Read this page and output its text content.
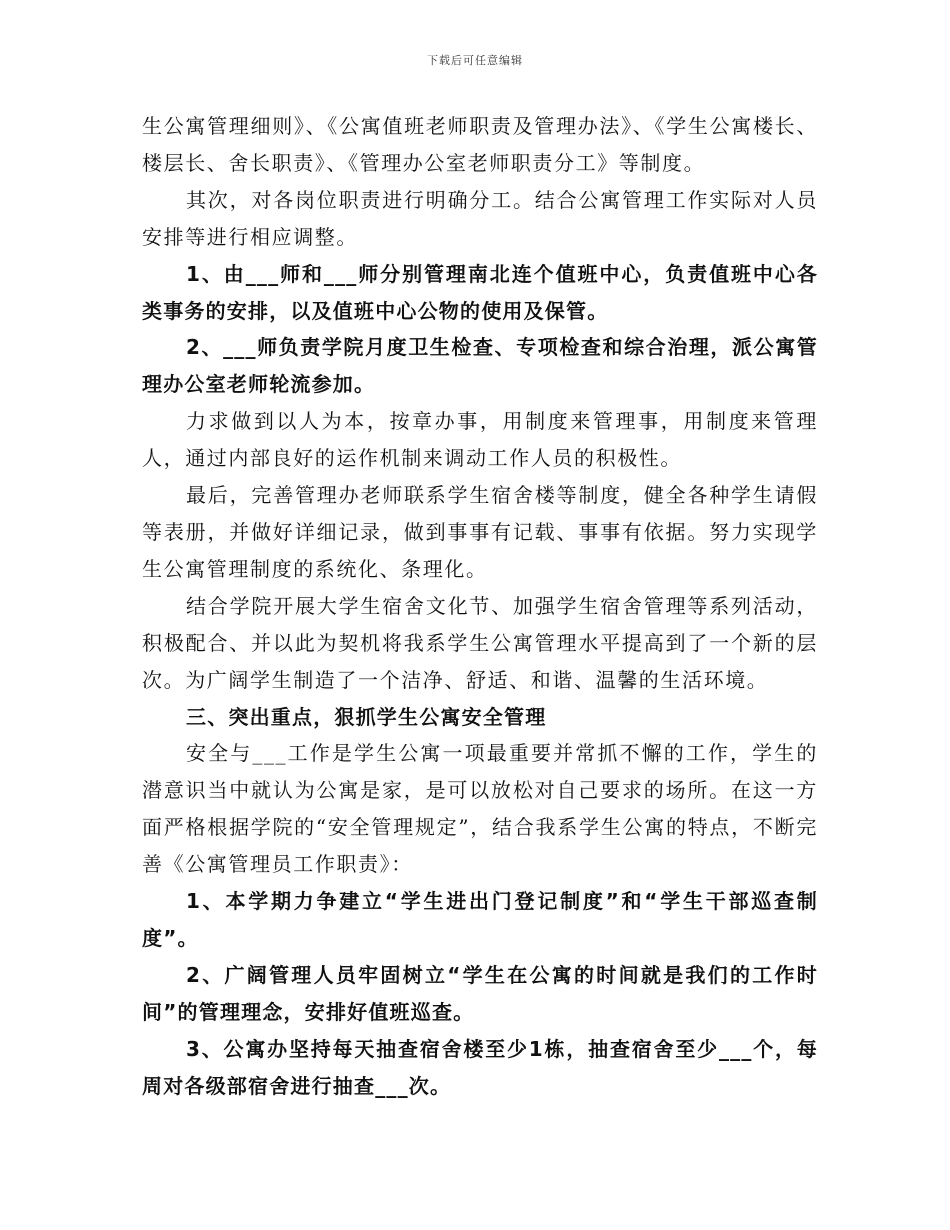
下载后可任意编辑

生公寓管理细则》、《公寓值班老师职责及管理办法》、《学生公寓楼长、楼层长、舍长职责》、《管理办公室老师职责分工》等制度。

其次，对各岗位职责进行明确分工。结合公寓管理工作实际对人员安排等进行相应调整。

1、由___师和___师分别管理南北连个值班中心，负责值班中心各类事务的安排，以及值班中心公物的使用及保管。

2、___师负责学院月度卫生检查、专项检查和综合治理，派公寓管理办公室老师轮流参加。

力求做到以人为本，按章办事，用制度来管理事，用制度来管理人，通过内部良好的运作机制来调动工作人员的积极性。

最后，完善管理办老师联系学生宿舍楼等制度，健全各种学生请假等表册，并做好详细记录，做到事事有记载、事事有依据。努力实现学生公寓管理制度的系统化、条理化。

结合学院开展大学生宿舍文化节、加强学生宿舍管理等系列活动，积极配合、并以此为契机将我系学生公寓管理水平提高到了一个新的层次。为广阔学生制造了一个洁净、舒适、和谐、温馨的生活环境。

三、突出重点，狠抓学生公寓安全管理

安全与___工作是学生公寓一项最重要并常抓不懈的工作，学生的潜意识当中就认为公寓是家，是可以放松对自己要求的场所。在这一方面严格根据学院的“安全管理规定”，结合我系学生公寓的特点，不断完善《公寓管理员工作职责》：

1、本学期力争建立“学生进出门登记制度”和“学生干部巡查制度”。

2、广阔管理人员牢固树立“学生在公寓的时间就是我们的工作时间”的管理理念，安排好值班巡查。

3、公寓办坚持每天抽查宿舍楼至少1栋，抽查宿舍至少___个，每周对各级部宿舍进行抽查___次。
